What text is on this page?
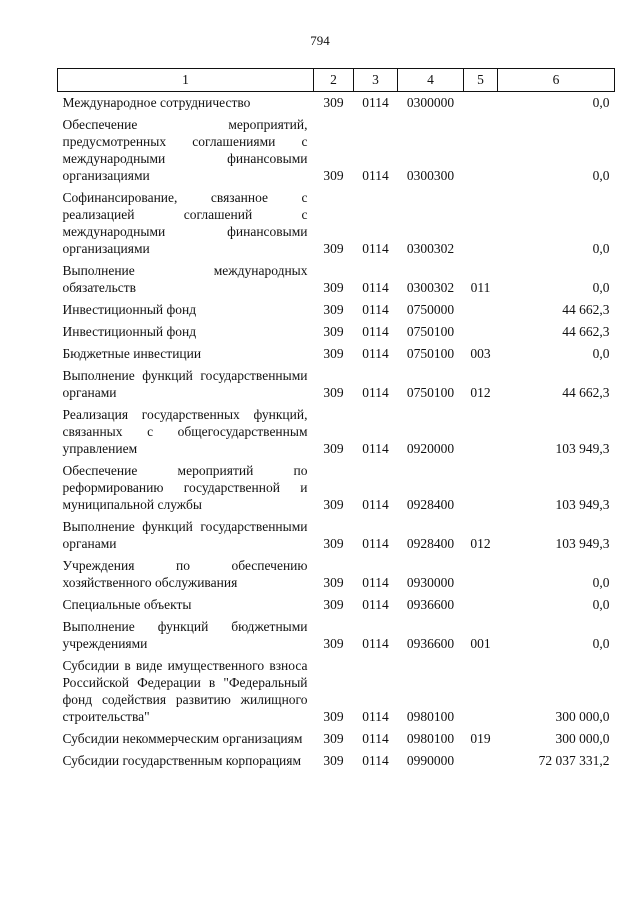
794
1	2	3	4	5	6
Международное сотрудничество	309	0114	0300000		0,0
Обеспечение мероприятий, предусмотренных соглашениями с международными финансовыми организациями	309	0114	0300300		0,0
Софинансирование, связанное с реализацией соглашений с международными финансовыми организациями	309	0114	0300302		0,0
Выполнение международных обязательств	309	0114	0300302	011	0,0
Инвестиционный фонд	309	0114	0750000		44 662,3
Инвестиционный фонд	309	0114	0750100		44 662,3
Бюджетные инвестиции	309	0114	0750100	003	0,0
Выполнение функций государственными органами	309	0114	0750100	012	44 662,3
Реализация государственных функций, связанных с общегосударственным управлением	309	0114	0920000		103 949,3
Обеспечение мероприятий по реформированию государственной и муниципальной службы	309	0114	0928400		103 949,3
Выполнение функций государственными органами	309	0114	0928400	012	103 949,3
Учреждения по обеспечению хозяйственного обслуживания	309	0114	0930000		0,0
Специальные объекты	309	0114	0936600		0,0
Выполнение функций бюджетными учреждениями	309	0114	0936600	001	0,0
Субсидии в виде имущественного взноса Российской Федерации в "Федеральный фонд содействия развитию жилищного строительства"	309	0114	0980100		300 000,0
Субсидии некоммерческим организациям	309	0114	0980100	019	300 000,0
Субсидии государственным корпорациям	309	0114	0990000		72 037 331,2
